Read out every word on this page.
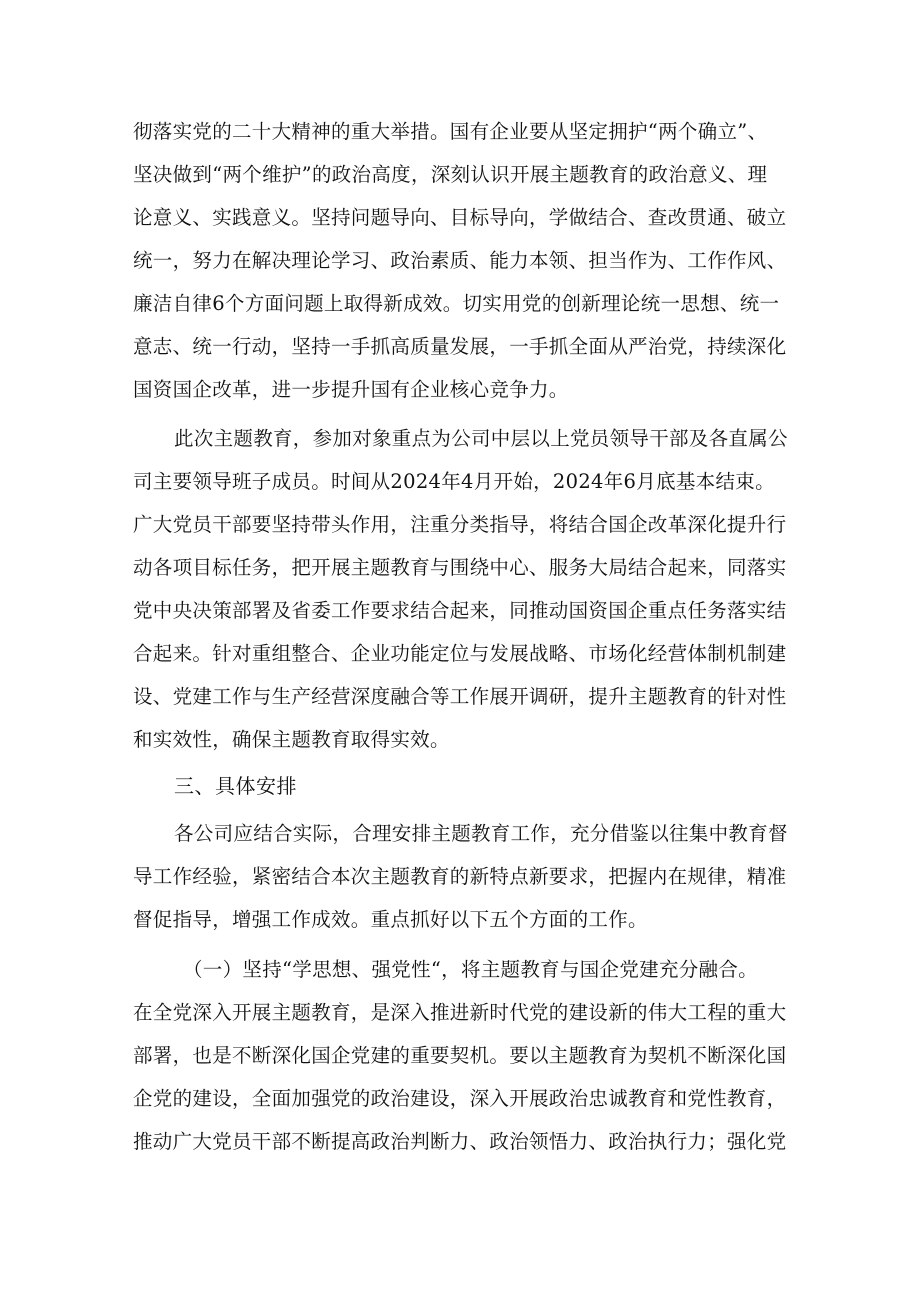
彻落实党的二十大精神的重大举措。国有企业要从坚定拥护“两个确立”、
坚决做到“两个维护”的政治高度，深刻认识开展主题教育的政治意义、理
论意义、实践意义。坚持问题导向、目标导向，学做结合、查改贯通、破立
统一，努力在解决理论学习、政治素质、能力本领、担当作为、工作作风、
廉洁自律6个方面问题上取得新成效。切实用党的创新理论统一思想、统一
意志、统一行动，坚持一手抓高质量发展，一手抓全面从严治党，持续深化
国资国企改革，进一步提升国有企业核心竞争力。
此次主题教育，参加对象重点为公司中层以上党员领导干部及各直属公
司主要领导班子成员。时间从2024年4月开始，2024年6月底基本结束。
广大党员干部要坚持带头作用，注重分类指导，将结合国企改革深化提升行
动各项目标任务，把开展主题教育与围绕中心、服务大局结合起来，同落实
党中央决策部署及省委工作要求结合起来，同推动国资国企重点任务落实结
合起来。针对重组整合、企业功能定位与发展战略、市场化经营体制机制建
设、党建工作与生产经营深度融合等工作展开调研，提升主题教育的针对性
和实效性，确保主题教育取得实效。
三、具体安排
各公司应结合实际，合理安排主题教育工作，充分借鉴以往集中教育督
导工作经验，紧密结合本次主题教育的新特点新要求，把握内在规律，精准
督促指导，增强工作成效。重点抓好以下五个方面的工作。
（一）坚持“学思想、强党性“，将主题教育与国企党建充分融合。
在全党深入开展主题教育，是深入推进新时代党的建设新的伟大工程的重大
部署，也是不断深化国企党建的重要契机。要以主题教育为契机不断深化国
企党的建设，全面加强党的政治建设，深入开展政治忠诚教育和党性教育，
推动广大党员干部不断提高政治判断力、政治领悟力、政治执行力；强化党
